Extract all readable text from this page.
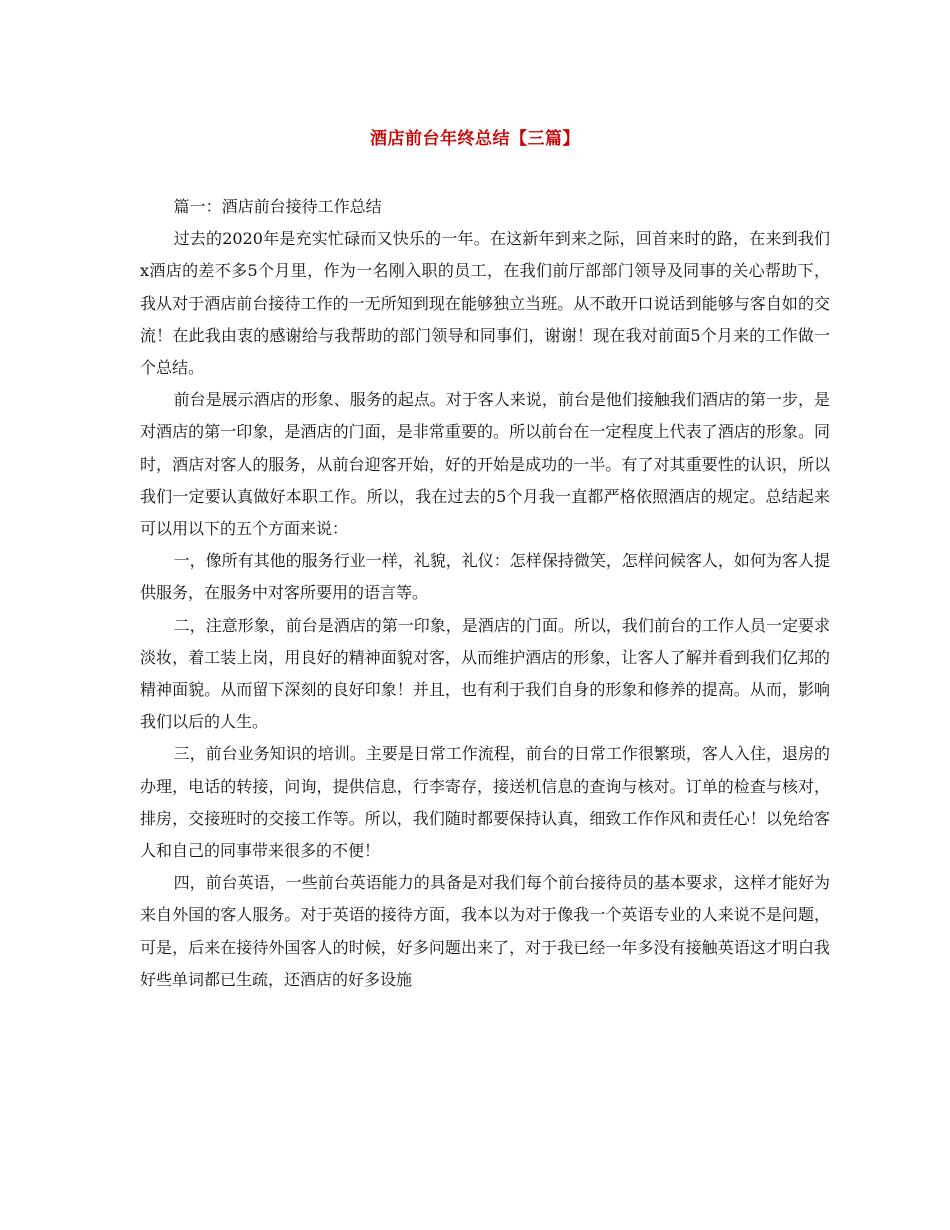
酒店前台年终总结【三篇】

篇一：酒店前台接待工作总结

过去的2020年是充实忙碌而又快乐的一年。在这新年到来之际，回首来时的路，在来到我们x酒店的差不多5个月里，作为一名刚入职的员工，在我们前厅部部门领导及同事的关心帮助下，我从对于酒店前台接待工作的一无所知到现在能够独立当班。从不敢开口说话到能够与客自如的交流！在此我由衷的感谢给与我帮助的部门领导和同事们，谢谢！现在我对前面5个月来的工作做一个总结。

前台是展示酒店的形象、服务的起点。对于客人来说，前台是他们接触我们酒店的第一步，是对酒店的第一印象，是酒店的门面，是非常重要的。所以前台在一定程度上代表了酒店的形象。同时，酒店对客人的服务，从前台迎客开始，好的开始是成功的一半。有了对其重要性的认识，所以我们一定要认真做好本职工作。所以，我在过去的5个月我一直都严格依照酒店的规定。总结起来可以用以下的五个方面来说：

一，像所有其他的服务行业一样，礼貌，礼仪：怎样保持微笑，怎样问候客人，如何为客人提供服务，在服务中对客所要用的语言等。

二，注意形象，前台是酒店的第一印象，是酒店的门面。所以，我们前台的工作人员一定要求淡妆，着工装上岗，用良好的精神面貌对客，从而维护酒店的形象，让客人了解并看到我们亿邦的精神面貌。从而留下深刻的良好印象！并且，也有利于我们自身的形象和修养的提高。从而，影响我们以后的人生。

三，前台业务知识的培训。主要是日常工作流程，前台的日常工作很繁琐，客人入住，退房的办理，电话的转接，问询，提供信息，行李寄存，接送机信息的查询与核对。订单的检查与核对，排房，交接班时的交接工作等。所以，我们随时都要保持认真，细致工作作风和责任心！以免给客人和自己的同事带来很多的不便！

四，前台英语，一些前台英语能力的具备是对我们每个前台接待员的基本要求，这样才能好为来自外国的客人服务。对于英语的接待方面，我本以为对于像我一个英语专业的人来说不是问题，可是，后来在接待外国客人的时候，好多问题出来了，对于我已经一年多没有接触英语这才明白我好些单词都已生疏，还酒店的好多设施
